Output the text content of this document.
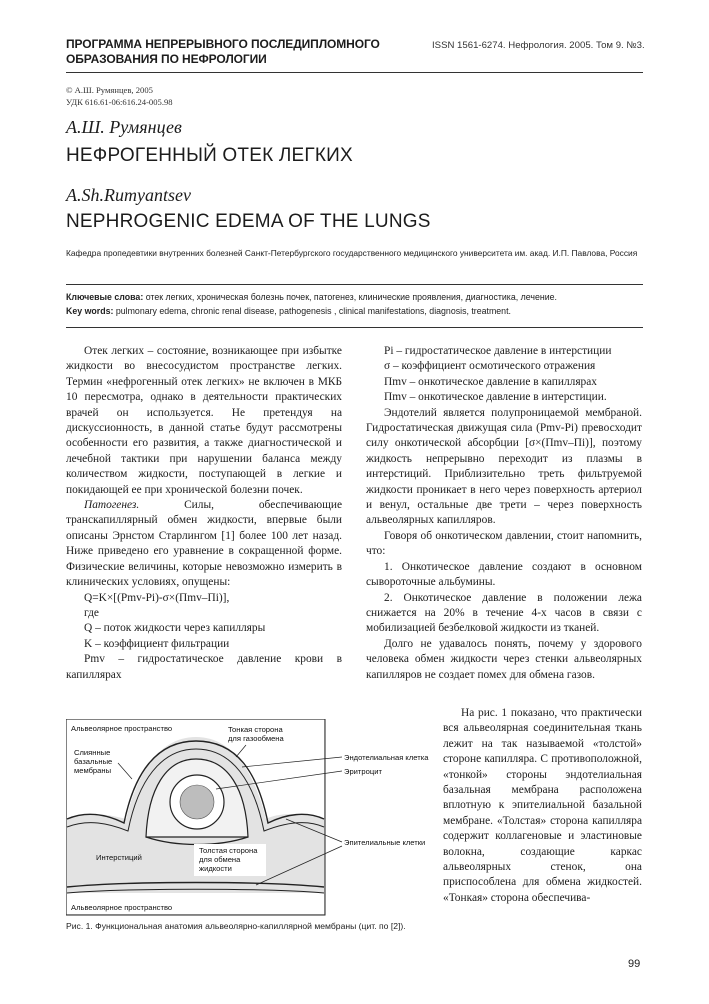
ПРОГРАММА НЕПРЕРЫВНОГО ПОСЛЕДИПЛОМНОГО ОБРАЗОВАНИЯ ПО НЕФРОЛОГИИ
ISSN 1561-6274. Нефрология. 2005. Том 9. №3.
© А.Ш. Румянцев, 2005
УДК 616.61-06:616.24-005.98
А.Ш. Румянцев
НЕФРОГЕННЫЙ ОТЕК ЛЕГКИХ
A.Sh.Rumyantsev
NEPHROGENIC EDEMA OF THE LUNGS
Кафедра пропедевтики внутренних болезней Санкт-Петербургского государственного медицинского университета им. акад. И.П. Павлова, Россия
Ключевые слова: отек легких, хроническая болезнь почек, патогенез, клинические проявления, диагностика, лечение.
Key words: pulmonary edema, chronic renal disease, pathogenesis , clinical manifestations, diagnosis, treatment.

Отек легких – состояние, возникающее при избытке жидкости во внесосудистом пространстве легких. Термин «нефрогенный отек легких» не включен в МКБ 10 пересмотра, однако в деятельности практических врачей он используется. Не претендуя на дискуссионность, в данной статье будут рассмотрены особенности его развития, а также диагностической и лечебной тактики при нарушении баланса между количеством жидкости, поступающей в легкие и покидающей ее при хронической болезни почек.

Патогенез. Силы, обеспечивающие транскапиллярный обмен жидкости, впервые были описаны Эрнстом Старлингом [1] более 100 лет назад. Ниже приведено его уравнение в сокращенной форме. Физические величины, которые невозможно измерить в клинических условиях, опущены:

Q=K×[(Pmv-Pi)-σ×(Πmv–Πi)],

где

Q – поток жидкости через капилляры

K – коэффициент фильтрации

Pmv – гидростатическое давление крови в капиллярах

Pi – гидростатическое давление в интерстиции

σ – коэффициент осмотического отражения

Πmv – онкотическое давление в капиллярах

Πmv – онкотическое давление в интерстиции.

Эндотелий является полупроницаемой мембраной. Гидростатическая движущая сила (Pmv-Pi) превосходит силу онкотической абсорбции [σ×(Πmv–Πi)], поэтому жидкость непрерывно переходит из плазмы в интерстиций. Приблизительно треть фильтруемой жидкости проникает в него через поверхность артериол и венул, остальные две трети – через поверхность альвеолярных капилляров.

Говоря об онкотическом давлении, стоит напомнить, что:

1. Онкотическое давление создают в основном сывороточные альбумины.

2. Онкотическое давление в положении лежа снижается на 20% в течение 4-х часов в связи с мобилизацией безбелковой жидкости из тканей.

Долго не удавалось понять, почему у здорового человека обмен жидкости через стенки альвеолярных капилляров не создает помех для обмена газов.

На рис. 1 показано, что практически вся альвеолярная соединительная ткань лежит на так называемой «толстой» стороне капилляра. С противоположной, «тонкой» стороны эндотелиальная базальная мембрана расположена вплотную к эпителиальной базальной мембране. «Толстая» сторона капилляра содержит коллагеновые и эластиновые волокна, создающие каркас альвеолярных стенок, она приспособлена для обмена жидкостей. «Тонкая» сторона обеспечива-

Альвеолярное пространство
Слиянные
базальные
мембраны
Тонкая сторона
для газообмена
Эндотелиальная клетка
Эритроцит
Эпителиальные клетки
Интерстиций
Толстая сторона
для обмена
жидкости
Альвеолярное пространство
Рис. 1. Функциональная анатомия альвеолярно-капиллярной мембраны (цит. по [2]).
99
